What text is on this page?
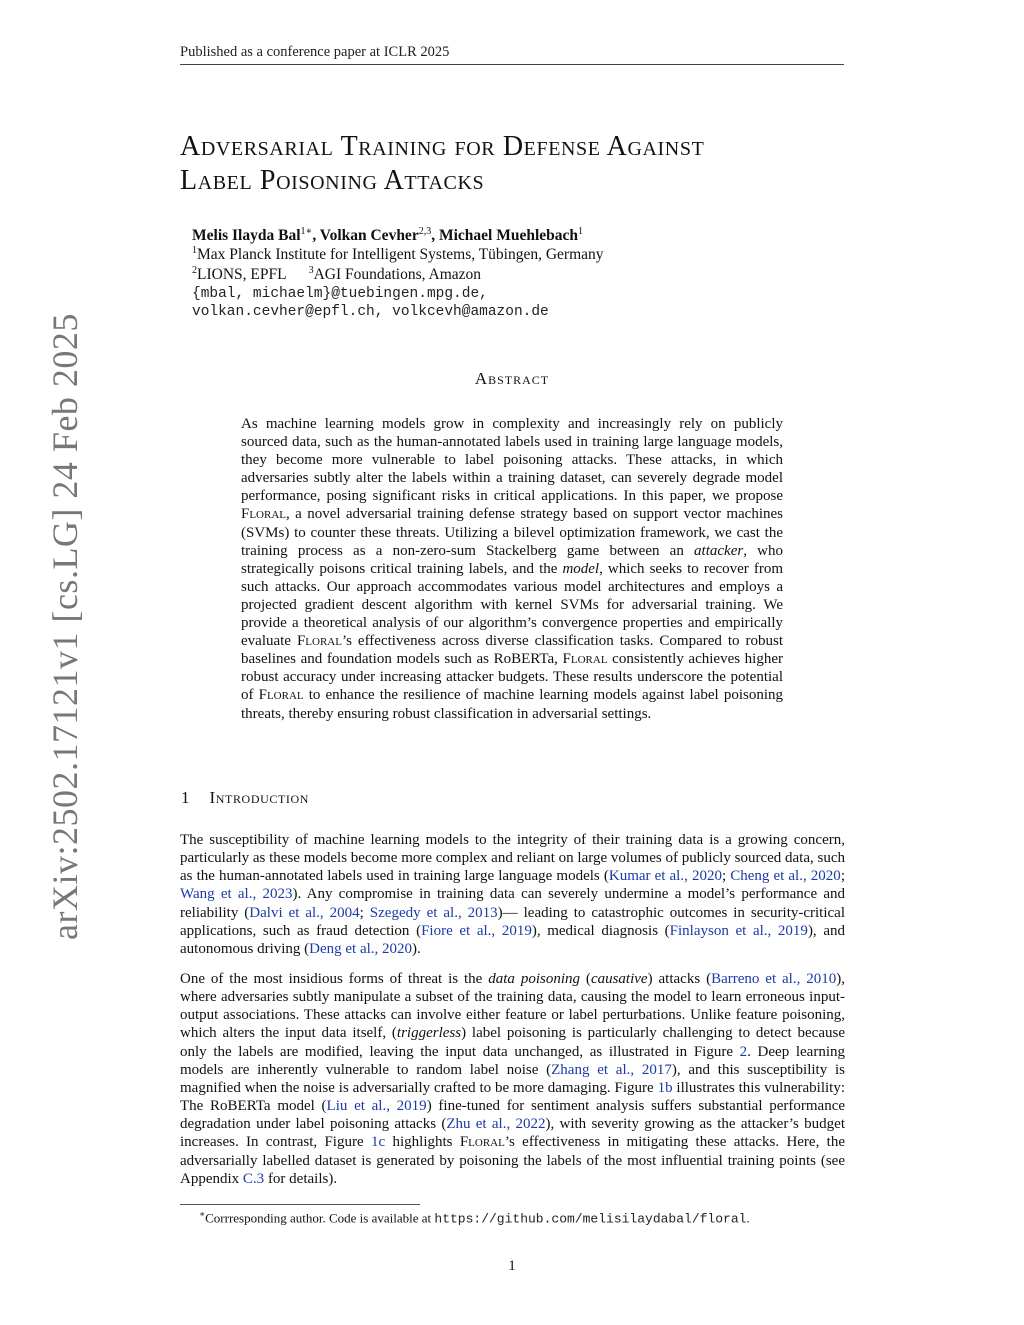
Published as a conference paper at ICLR 2025
arXiv:2502.17121v1 [cs.LG] 24 Feb 2025
Adversarial Training for Defense Against
Label Poisoning Attacks
Melis Ilayda Bal$^{1∗}$, Volkan Cevher$^{2,3}$, Michael Muehlebach$^1$
$^1$Max Planck Institute for Intelligent Systems, Tübingen, Germany
$^2$LIONS, EPFL $^3$AGI Foundations, Amazon
{mbal, michaelm}@tuebingen.mpg.de,
volkan.cevher@epfl.ch, volkcevh@amazon.de
Abstract
As machine learning models grow in complexity and increasingly rely on publicly sourced data, such as the human-annotated labels used in training large language models, they become more vulnerable to label poisoning attacks. These attacks, in which adversaries subtly alter the labels within a training dataset, can severely degrade model performance, posing significant risks in critical applications. In this paper, we propose Floral, a novel adversarial training defense strategy based on support vector machines (SVMs) to counter these threats. Utilizing a bilevel optimization framework, we cast the training process as a non-zero-sum Stackelberg game between an attacker, who strategically poisons critical training labels, and the model, which seeks to recover from such attacks. Our approach accommodates various model architectures and employs a projected gradient descent algorithm with kernel SVMs for adversarial training. We provide a theoretical analysis of our algorithm’s convergence properties and empirically evaluate Floral’s effectiveness across diverse classification tasks. Compared to robust baselines and foundation models such as RoBERTa, Floral consistently achieves higher robust accuracy under increasing attacker budgets. These results underscore the potential of Floral to enhance the resilience of machine learning models against label poisoning threats, thereby ensuring robust classification in adversarial settings.
1 Introduction
The susceptibility of machine learning models to the integrity of their training data is a growing concern, particularly as these models become more complex and reliant on large volumes of publicly sourced data, such as the human-annotated labels used in training large language models (Kumar et al., 2020; Cheng et al., 2020; Wang et al., 2023). Any compromise in training data can severely undermine a model’s performance and reliability (Dalvi et al., 2004; Szegedy et al., 2013)— leading to catastrophic outcomes in security-critical applications, such as fraud detection (Fiore et al., 2019), medical diagnosis (Finlayson et al., 2019), and autonomous driving (Deng et al., 2020).
One of the most insidious forms of threat is the data poisoning (causative) attacks (Barreno et al., 2010), where adversaries subtly manipulate a subset of the training data, causing the model to learn erroneous input-output associations. These attacks can involve either feature or label perturbations. Unlike feature poisoning, which alters the input data itself, (triggerless) label poisoning is particularly challenging to detect because only the labels are modified, leaving the input data unchanged, as illustrated in Figure 2. Deep learning models are inherently vulnerable to random label noise (Zhang et al., 2017), and this susceptibility is magnified when the noise is adversarially crafted to be more damaging. Figure 1b illustrates this vulnerability: The RoBERTa model (Liu et al., 2019) fine-tuned for sentiment analysis suffers substantial performance degradation under label poisoning attacks (Zhu et al., 2022), with severity growing as the attacker’s budget increases. In contrast, Figure 1c highlights Floral’s effectiveness in mitigating these attacks. Here, the adversarially labelled dataset is generated by poisoning the labels of the most influential training points (see Appendix C.3 for details).
∗Corrresponding author. Code is available at https://github.com/melisilaydabal/floral.
1
